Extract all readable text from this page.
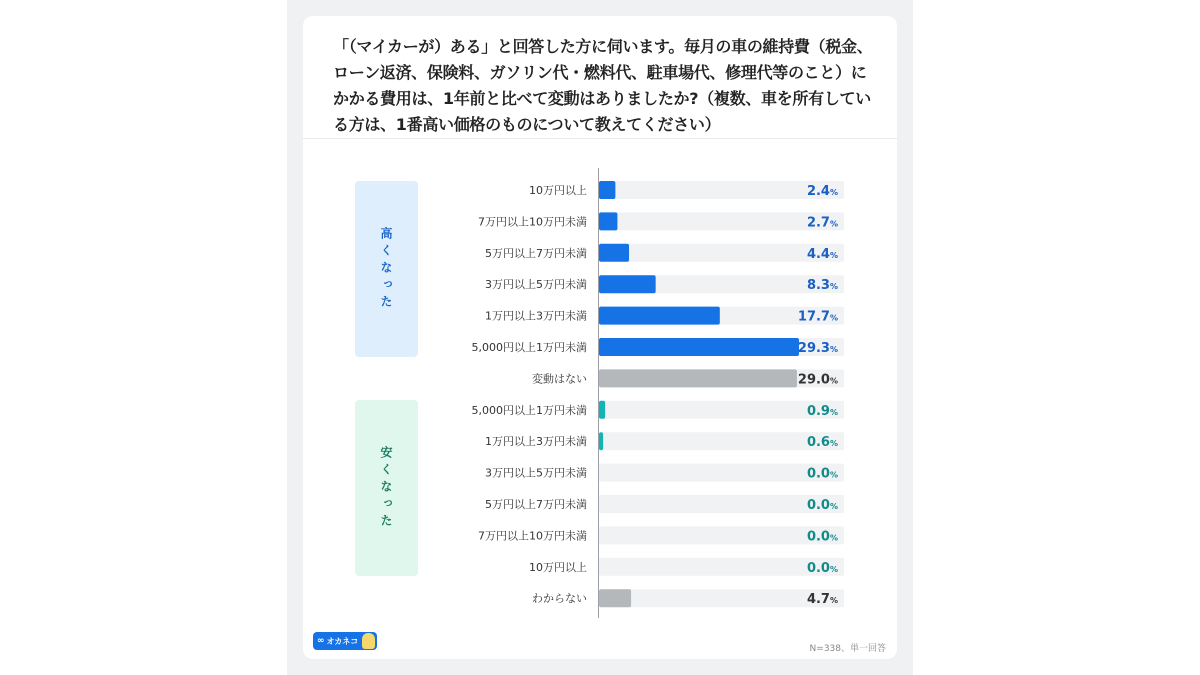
「（マイカーが）ある」と回答した方に伺います。毎月の車の維持費（税金、ローン返済、保険料、ガソリン代・燃料代、駐車場代、修理代等のこと）にかかる費用は、1年前と比べて変動はありましたか?（複数、車を所有している方は、1番高い価格のものについて教えてください）

高くなった
安くなった
10万円以上	2.4%
7万円以上10万円未満	2.7%
5万円以上7万円未満	4.4%
3万円以上5万円未満	8.3%
1万円以上3万円未満	17.7%
5,000円以上1万円未満	29.3%
変動はない	29.0%
5,000円以上1万円未満	0.9%
1万円以上3万円未満	0.6%
3万円以上5万円未満	0.0%
5万円以上7万円未満	0.0%
7万円以上10万円未満	0.0%
10万円以上	0.0%
わからない	4.7%
∞ オカネコ
N=338、単一回答
